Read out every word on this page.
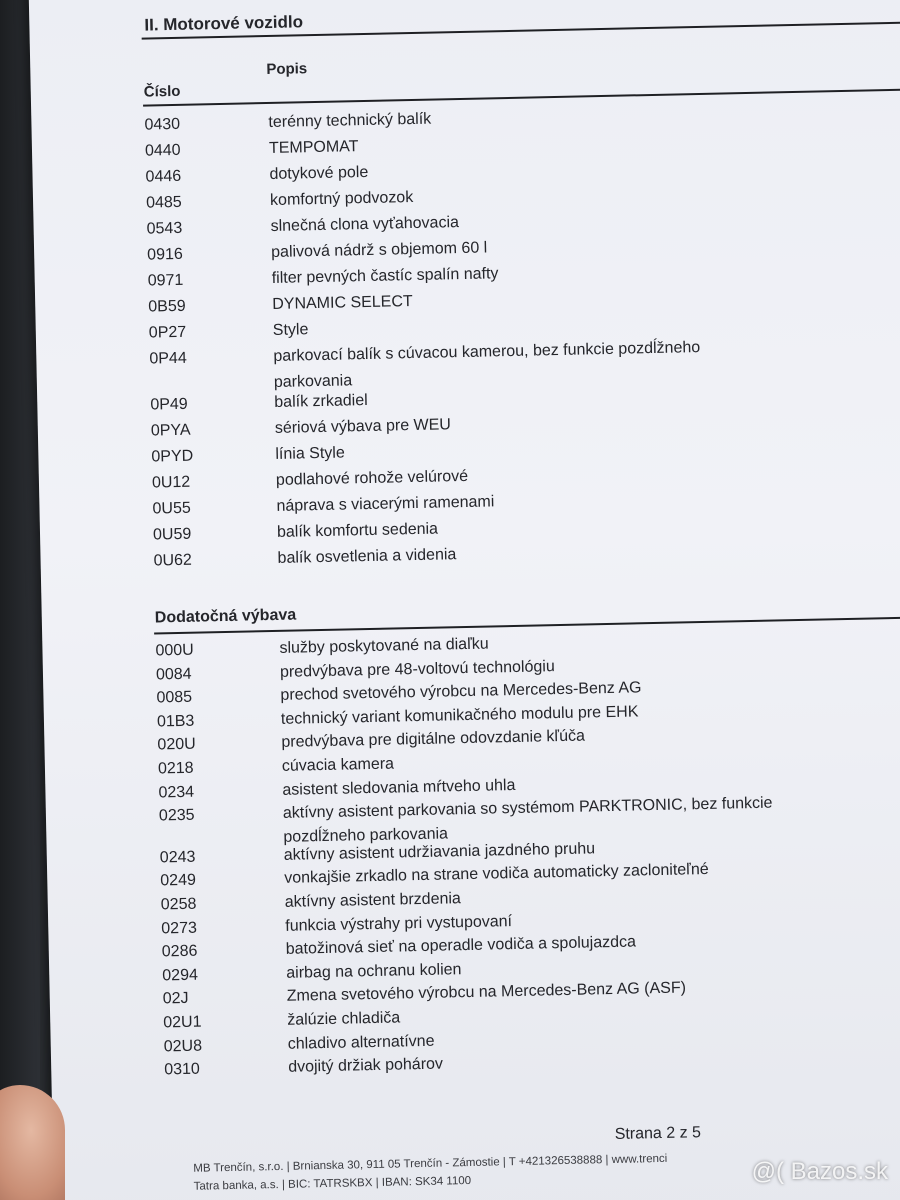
II. Motorové vozidlo
Číslo
Popis
0430	terénny technický balík
0440	TEMPOMAT
0446	dotykové pole
0485	komfortný podvozok
0543	slnečná clona vyťahovacia
0916	palivová nádrž s objemom 60 l
0971	filter pevných častíc spalín nafty
0B59	DYNAMIC SELECT
0P27	Style
0P44	parkovací balík s cúvacou kamerou, bez funkcie pozdĺžneho
parkovania
0P49	balík zrkadiel
0PYA	sériová výbava pre WEU
0PYD	línia Style
0U12	podlahové rohože velúrové
0U55	náprava s viacerými ramenami
0U59	balík komfortu sedenia
0U62	balík osvetlenia a videnia
Dodatočná výbava
000U	služby poskytované na diaľku
0084	predvýbava pre 48-voltovú technológiu
0085	prechod svetového výrobcu na Mercedes-Benz AG
01B3	technický variant komunikačného modulu pre EHK
020U	predvýbava pre digitálne odovzdanie kľúča
0218	cúvacia kamera
0234	asistent sledovania mŕtveho uhla
0235	aktívny asistent parkovania so systémom PARKTRONIC, bez funkcie
pozdĺžneho parkovania
0243	aktívny asistent udržiavania jazdného pruhu
0249	vonkajšie zrkadlo na strane vodiča automaticky zacloniteľné
0258	aktívny asistent brzdenia
0273	funkcia výstrahy pri vystupovaní
0286	batožinová sieť na operadle vodiča a spolujazdca
0294	airbag na ochranu kolien
02J	Zmena svetového výrobcu na Mercedes-Benz AG (ASF)
02U1	žalúzie chladiča
02U8	chladivo alternatívne
0310	dvojitý držiak pohárov
Strana 2 z 5
MB Trenčín, s.r.o. | Brnianska 30, 911 05 Trenčín - Zámostie | T +421326538888 | www.trenci
Tatra banka, a.s. | BIC: TATRSKBX | IBAN: SK34 1100	@( Bazos.sk
